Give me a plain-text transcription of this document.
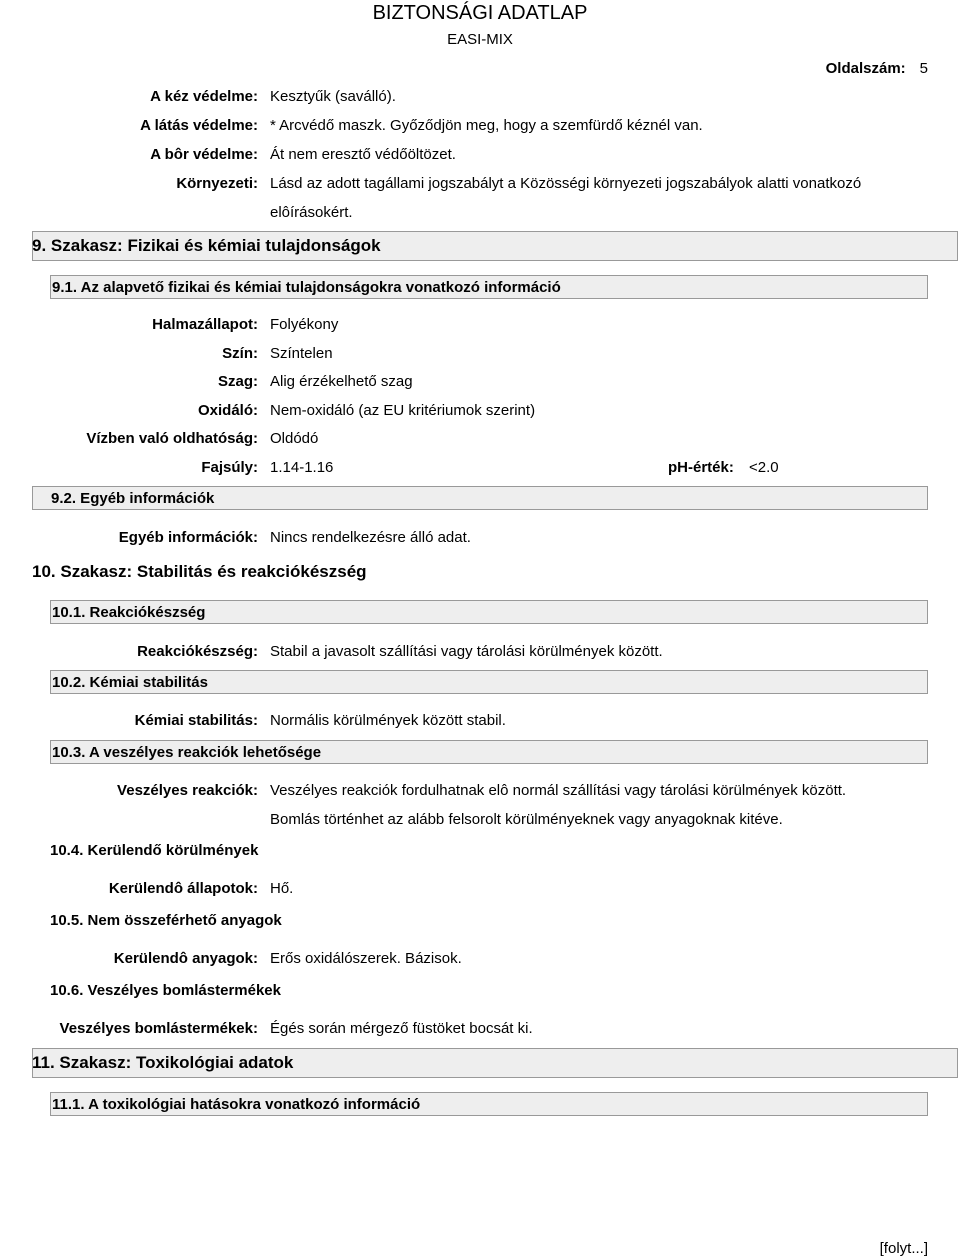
BIZTONSÁGI ADATLAP
EASI-MIX
Oldalszám: 5
A kéz védelme: Kesztyűk (saválló).
A látás védelme: * Arcvédő maszk. Győződjön meg, hogy a szemfürdő kéznél van.
A bôr védelme: Át nem eresztő védőöltözet.
Környezeti: Lásd az adott tagállami jogszabályt a Közösségi környezeti jogszabályok alatti vonatkozó
elôírásokért.
9. Szakasz: Fizikai és kémiai tulajdonságok
9.1. Az alapvető fizikai és kémiai tulajdonságokra vonatkozó információ
Halmazállapot: Folyékony
Szín: Színtelen
Szag: Alig érzékelhető szag
Oxidáló: Nem-oxidáló (az EU kritériumok szerint)
Vízben való oldhatóság: Oldódó
Fajsúly: 1.14-1.16	pH-érték: <2.0
9.2. Egyéb információk
Egyéb információk: Nincs rendelkezésre álló adat.
10. Szakasz: Stabilitás és reakciókészség
10.1. Reakciókészség
Reakciókészség: Stabil a javasolt szállítási vagy tárolási körülmények között.
10.2. Kémiai stabilitás
Kémiai stabilitás: Normális körülmények között stabil.
10.3. A veszélyes reakciók lehetősége
Veszélyes reakciók: Veszélyes reakciók fordulhatnak elô normál szállítási vagy tárolási körülmények között.
Bomlás történhet az alább felsorolt körülményeknek vagy anyagoknak kitéve.
10.4. Kerülendő körülmények
Kerülendô állapotok: Hő.
10.5. Nem összeférhető anyagok
Kerülendô anyagok: Erős oxidálószerek. Bázisok.
10.6. Veszélyes bomlástermékek
Veszélyes bomlástermékek: Égés során mérgező füstöket bocsát ki.
11. Szakasz: Toxikológiai adatok
11.1. A toxikológiai hatásokra vonatkozó információ
[folyt...]
